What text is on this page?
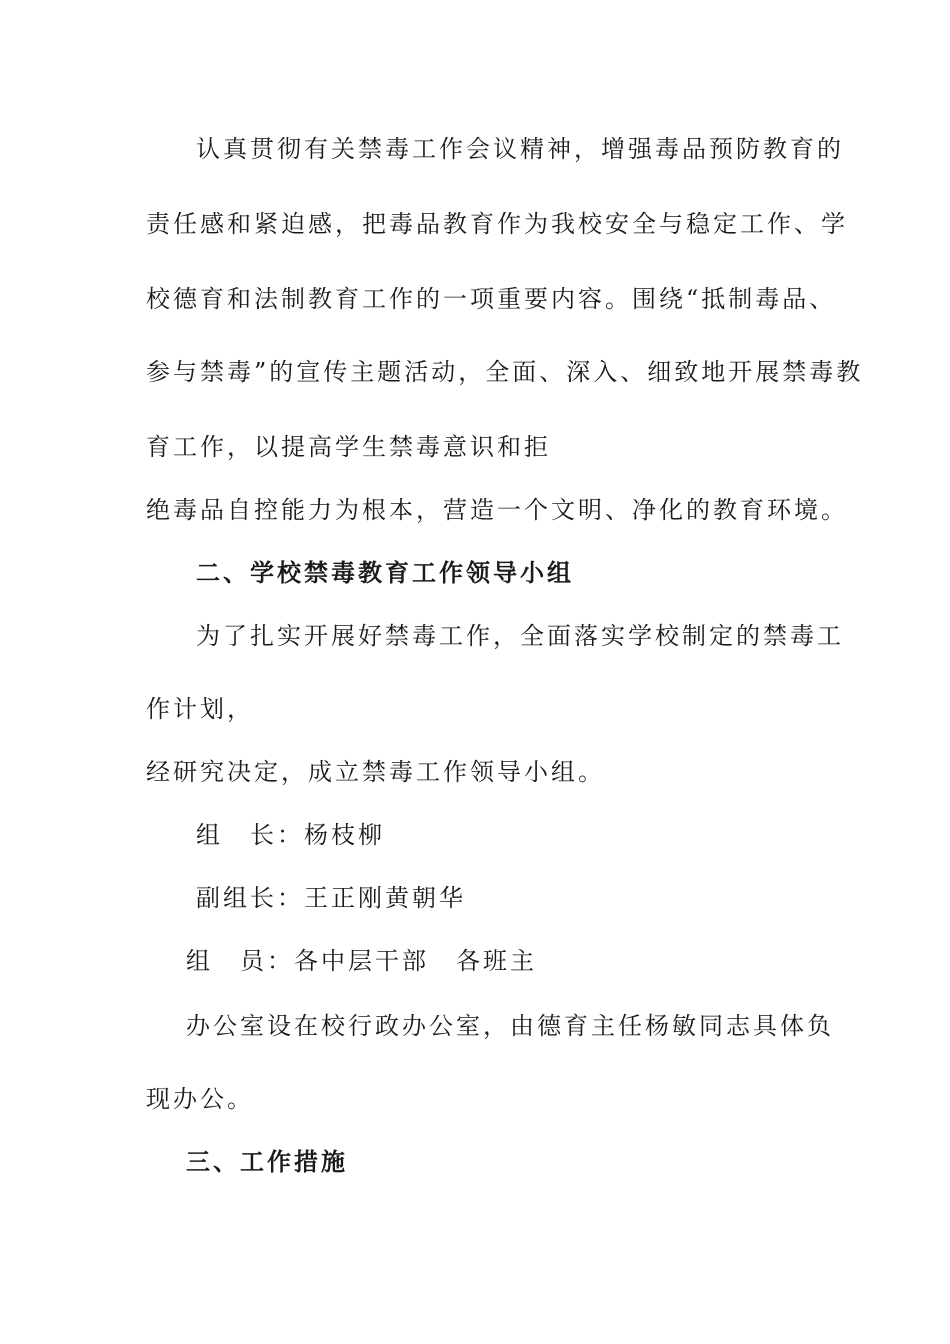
认真贯彻有关禁毒工作会议精神，增强毒品预防教育的
责任感和紧迫感，把毒品教育作为我校安全与稳定工作、学
校德育和法制教育工作的一项重要内容。围绕“抵制毒品、
参与禁毒”的宣传主题活动，全面、深入、细致地开展禁毒教
育工作，以提高学生禁毒意识和拒
绝毒品自控能力为根本，营造一个文明、净化的教育环境。
二、学校禁毒教育工作领导小组
为了扎实开展好禁毒工作，全面落实学校制定的禁毒工
作计划，
经研究决定，成立禁毒工作领导小组。
组　长：杨枝柳
副组长：王正刚黄朝华
组　员：各中层干部　各班主
办公室设在校行政办公室，由德育主任杨敏同志具体负
现办公。
三、工作措施
